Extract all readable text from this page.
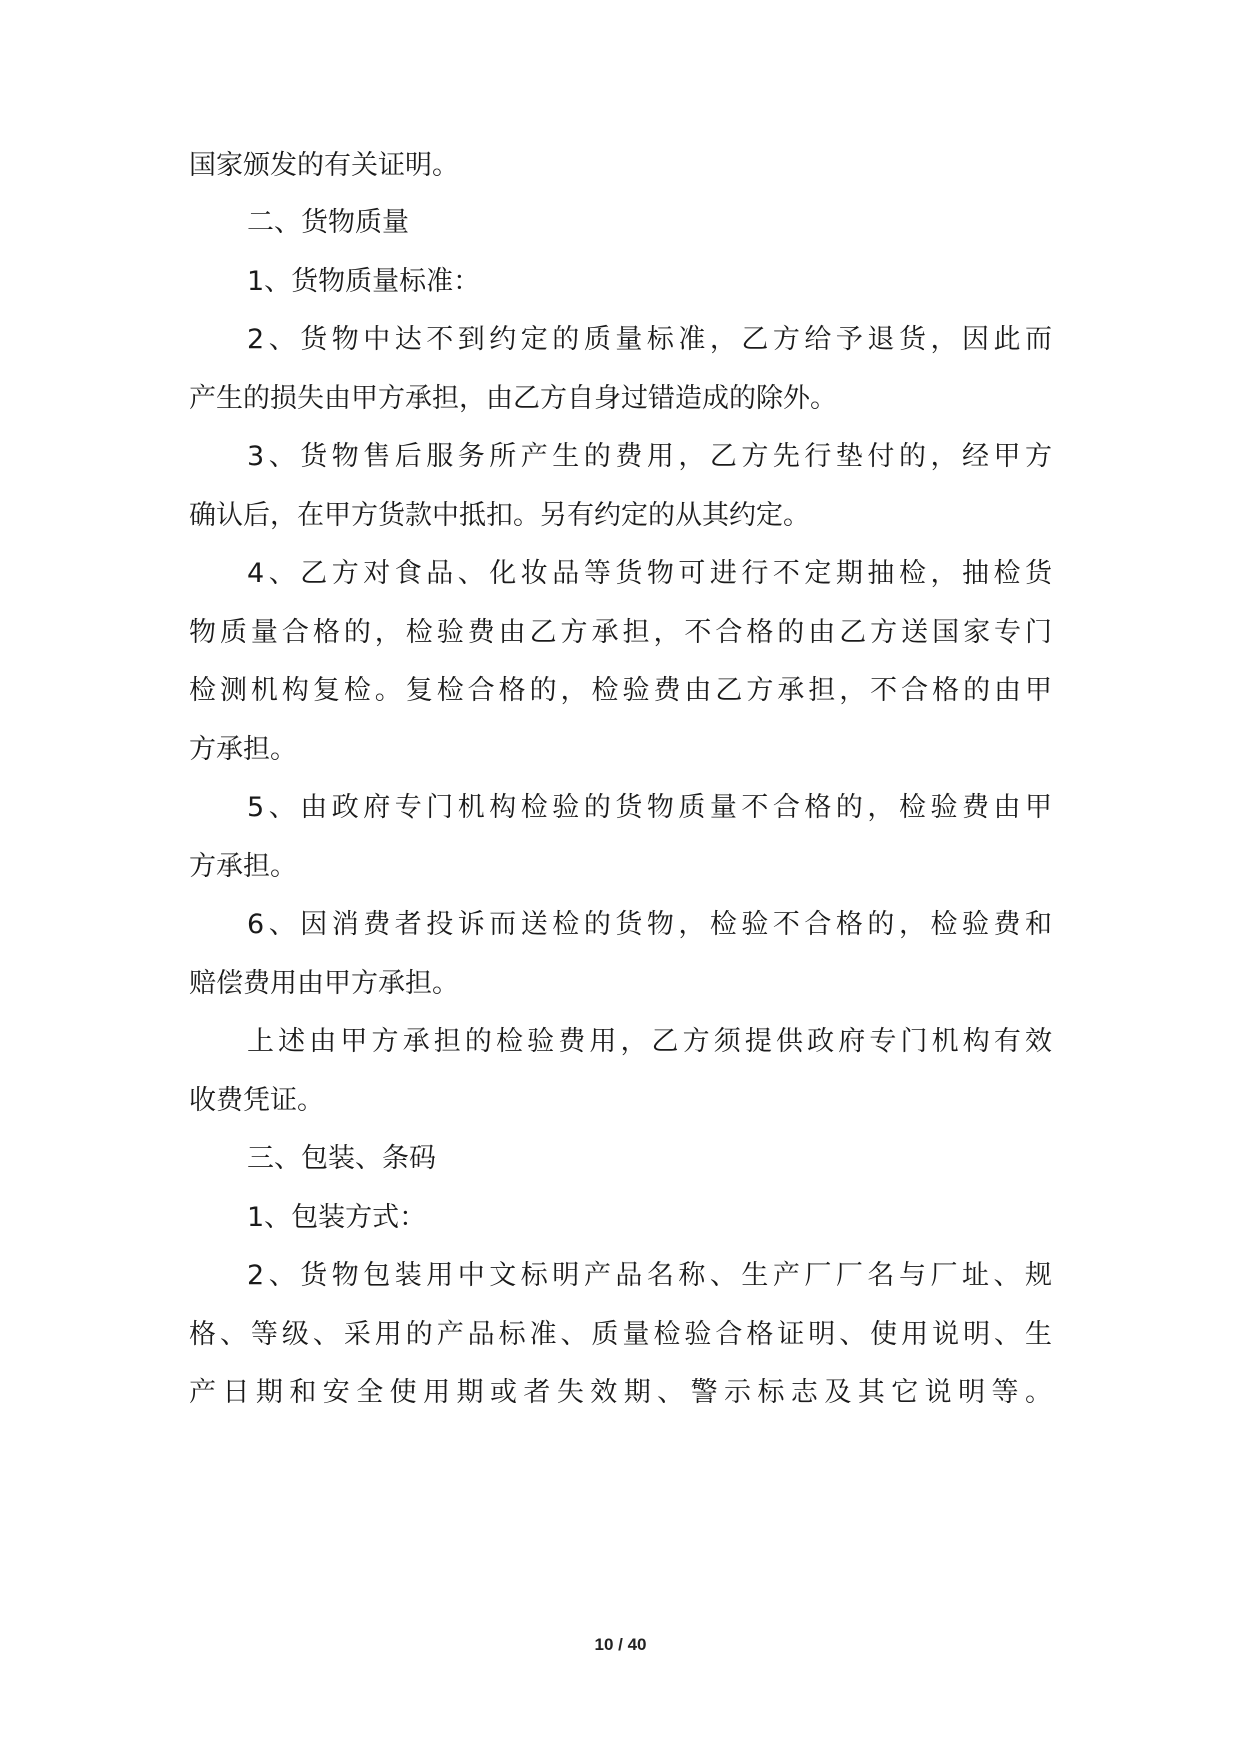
国家颁发的有关证明。

二、货物质量

1、货物质量标准：

2、货物中达不到约定的质量标准，乙方给予退货，因此而

产生的损失由甲方承担，由乙方自身过错造成的除外。

3、货物售后服务所产生的费用，乙方先行垫付的，经甲方

确认后，在甲方货款中抵扣。另有约定的从其约定。

4、乙方对食品、化妆品等货物可进行不定期抽检，抽检货

物质量合格的，检验费由乙方承担，不合格的由乙方送国家专门

检测机构复检。复检合格的，检验费由乙方承担，不合格的由甲

方承担。

5、由政府专门机构检验的货物质量不合格的，检验费由甲

方承担。

6、因消费者投诉而送检的货物，检验不合格的，检验费和

赔偿费用由甲方承担。

上述由甲方承担的检验费用，乙方须提供政府专门机构有效

收费凭证。

三、包装、条码

1、包装方式：

2、货物包装用中文标明产品名称、生产厂厂名与厂址、规

格、等级、采用的产品标准、质量检验合格证明、使用说明、生

产日期和安全使用期或者失效期、警示标志及其它说明等。

10 / 40
